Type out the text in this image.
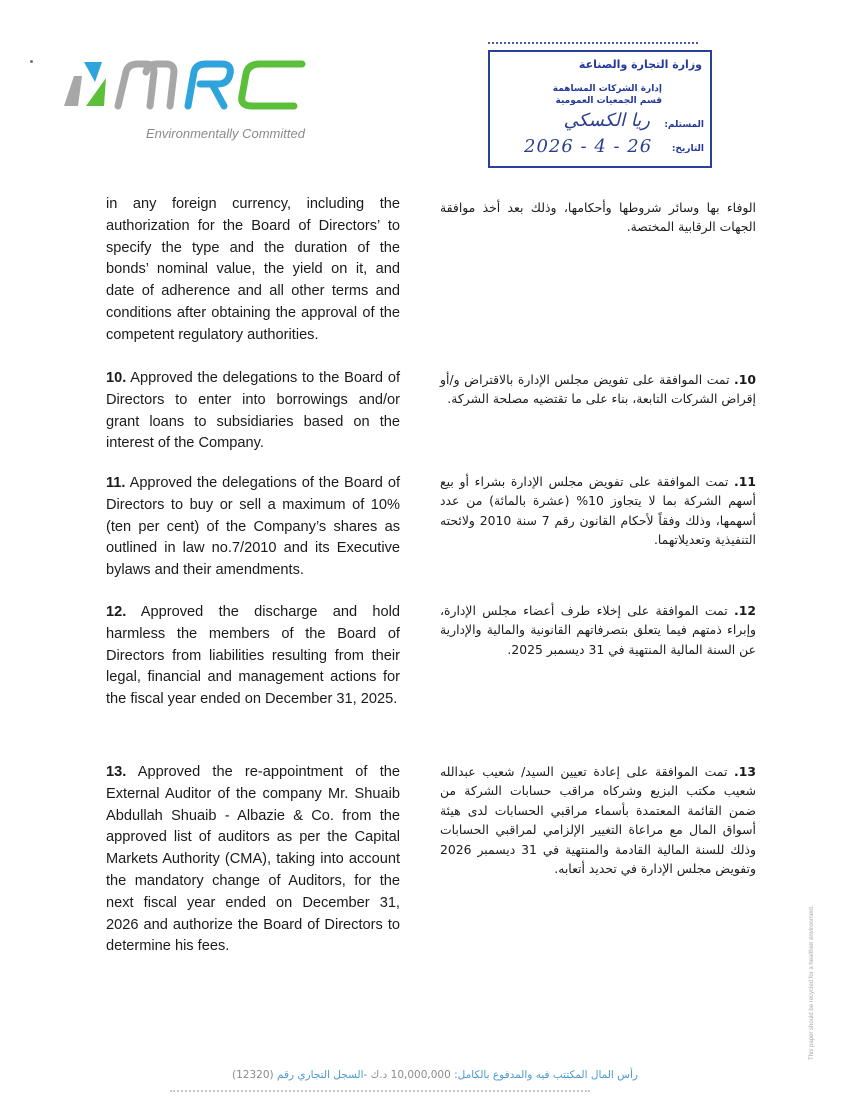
Environmentally Committed
وزارة التجارة والصناعة
إدارة الشركات المساهمة
قسم الجمعيات العمومية
المستلم:
ريا الكسكي
التاريخ:
2026 - 4 - 26
in any foreign currency, including the authorization for the Board of Directors’ to specify the type and the duration of the bonds’ nominal value, the yield on it, and date of adherence and all other terms and conditions after obtaining the approval of the competent regulatory authorities.
الوفاء بها وسائر شروطها وأحكامها، وذلك بعد أخذ موافقة الجهات الرقابية المختصة.
10. Approved the delegations to the Board of Directors to enter into borrowings and/or grant loans to subsidiaries based on the interest of the Company.
10. تمت الموافقة على تفويض مجلس الإدارة بالاقتراض و/أو إقراض الشركات التابعة، بناء على ما تقتضيه مصلحة الشركة.
11. Approved the delegations of the Board of Directors to buy or sell a maximum of 10% (ten per cent) of the Company’s shares as outlined in law no.7/2010 and its Executive bylaws and their amendments.
11. تمت الموافقة على تفويض مجلس الإدارة بشراء أو بيع أسهم الشركة بما لا يتجاوز 10% (عشرة بالمائة) من عدد أسهمها، وذلك وفقاً لأحكام القانون رقم 7 سنة 2010 ولائحته التنفيذية وتعديلاتهما.
12. Approved the discharge and hold harmless the members of the Board of Directors from liabilities resulting from their legal, financial and management actions for the fiscal year ended on December 31, 2025.
12. تمت الموافقة على إخلاء طرف أعضاء مجلس الإدارة، وإبراء ذمتهم فيما يتعلق بتصرفاتهم القانونية والمالية والإدارية عن السنة المالية المنتهية في 31 ديسمبر 2025.
13. Approved the re-appointment of the External Auditor of the company Mr. Shuaib Abdullah Shuaib - Albazie & Co. from the approved list of auditors as per the Capital Markets Authority (CMA), taking into account the mandatory change of Auditors, for the next fiscal year ended on December 31, 2026 and authorize the Board of Directors to determine his fees.
13. تمت الموافقة على إعادة تعيين السيد/ شعيب عبدالله شعيب مكتب البزيع وشركاه مراقب حسابات الشركة من ضمن القائمة المعتمدة بأسماء مراقبي الحسابات لدى هيئة أسواق المال مع مراعاة التغيير الإلزامي لمراقبي الحسابات وذلك للسنة المالية القادمة والمنتهية في 31 ديسمبر 2026 وتفويض مجلس الإدارة في تحديد أتعابه.
رأس المال المكتتب فيه والمدفوع بالكامل: 10,000,000 د.ك -السجل التجاري رقم (12320)
This paper should be recycled for a healthier environment.
